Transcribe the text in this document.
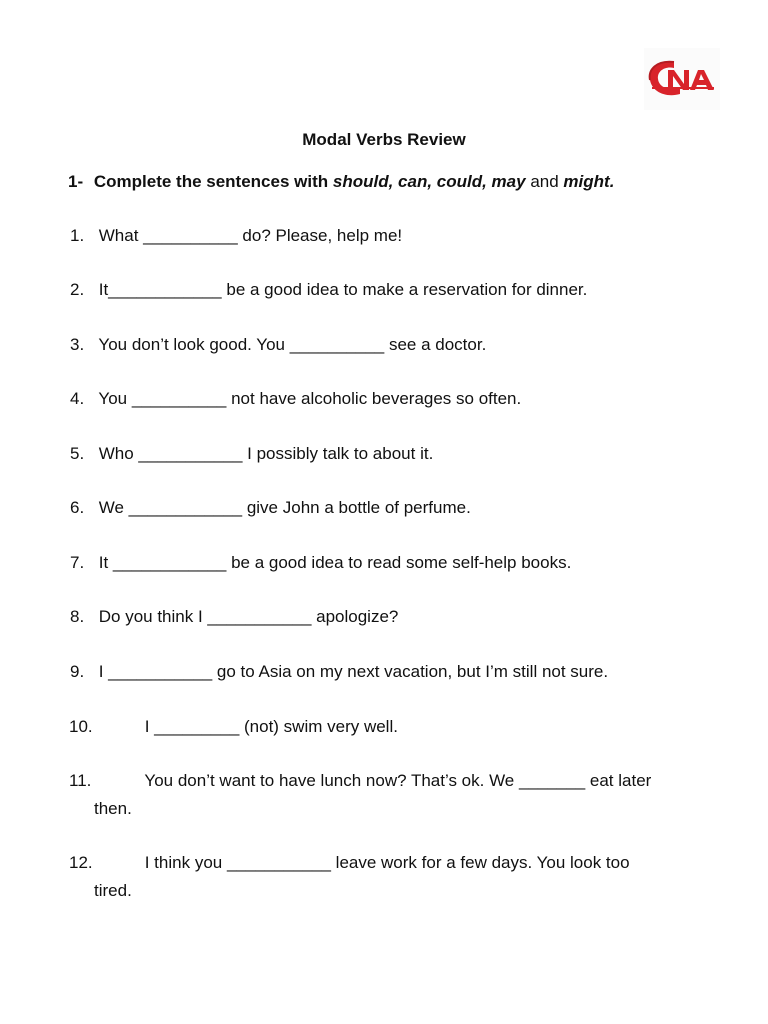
Modal Verbs Review
1- Complete the sentences with should, can, could, may and might.
1. What __________ do? Please, help me!
2. It____________ be a good idea to make a reservation for dinner.
3. You don’t look good. You __________ see a doctor.
4. You __________ not have alcoholic beverages so often.
5. Who ___________ I possibly talk to about it.
6. We ____________ give John a bottle of perfume.
7. It ____________ be a good idea to read some self-help books.
8. Do you think I ___________ apologize?
9. I ___________ go to Asia on my next vacation, but I’m still not sure.
10.	I _________ (not) swim very well.
11.	You don’t want to have lunch now? That’s ok. We _______ eat later
then.
12.	I think you ___________ leave work for a few days. You look too
tired.
